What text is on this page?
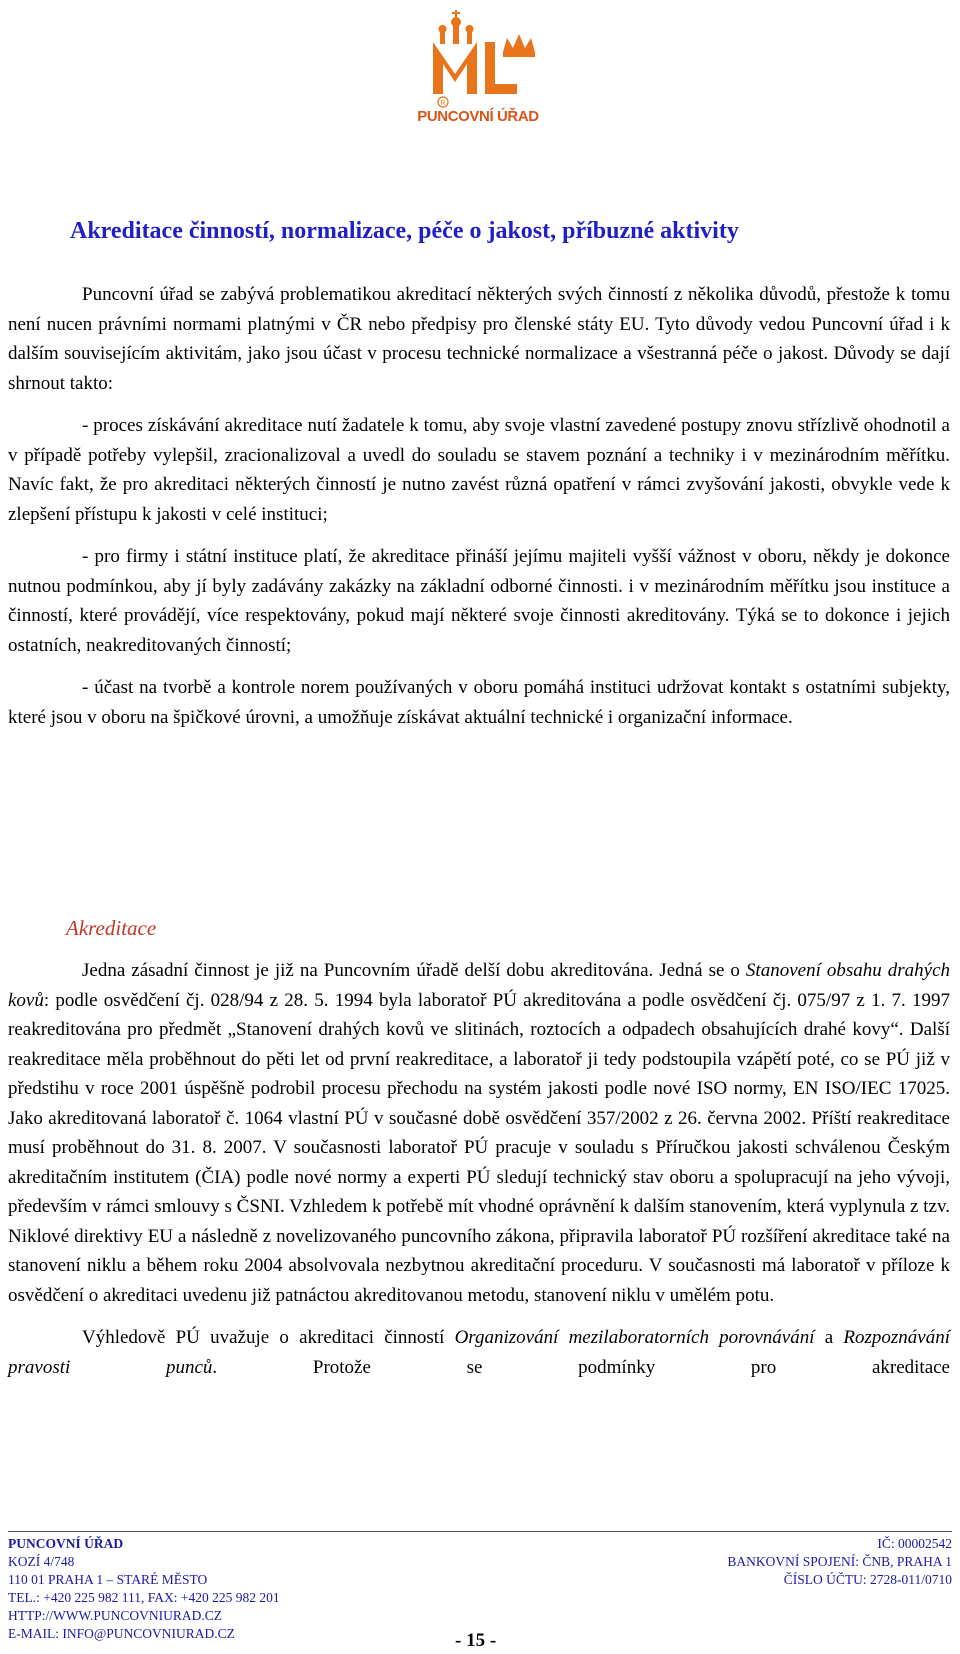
R
PUNCOVNÍ ÚŘAD
Akreditace činností, normalizace, péče o jakost, příbuzné aktivity

Puncovní úřad se zabývá problematikou akreditací některých svých činností z několika důvodů, přestože k tomu není nucen právními normami platnými v ČR nebo předpisy pro členské státy EU. Tyto důvody vedou Puncovní úřad i k dalším souvisejícím aktivitám, jako jsou účast v procesu technické normalizace a všestranná péče o jakost. Důvody se dají shrnout takto:

- proces získávání akreditace nutí žadatele k tomu, aby svoje vlastní zavedené postupy znovu střízlivě ohodnotil a v případě potřeby vylepšil, zracionalizoval a uvedl do souladu se stavem poznání a techniky i v mezinárodním měřítku. Navíc fakt, že pro akreditaci některých činností je nutno zavést různá opatření v rámci zvyšování jakosti, obvykle vede k zlepšení přístupu k jakosti v celé instituci;

- pro firmy i státní instituce platí, že akreditace přináší jejímu majiteli vyšší vážnost v oboru, někdy je dokonce nutnou podmínkou, aby jí byly zadávány zakázky na základní odborné činnosti. i v mezinárodním měřítku jsou instituce a činností, které provádějí, více respektovány, pokud mají některé svoje činnosti akreditovány. Týká se to dokonce i jejich ostatních, neakreditovaných činností;

- účast na tvorbě a kontrole norem používaných v oboru pomáhá instituci udržovat kontakt s ostatními subjekty, které jsou v oboru na špičkové úrovni, a umožňuje získávat aktuální technické i organizační informace.

Akreditace

Jedna zásadní činnost je již na Puncovním úřadě delší dobu akreditována. Jedná se o Stanovení obsahu drahých kovů: podle osvědčení čj. 028/94 z 28. 5. 1994 byla laboratoř PÚ akreditována a podle osvědčení čj. 075/97 z 1. 7. 1997 reakreditována pro předmět „Stanovení drahých kovů ve slitinách, roztocích a odpadech obsahujících drahé kovy“. Další reakreditace měla proběhnout do pěti let od první reakreditace, a laboratoř ji tedy podstoupila vzápětí poté, co se PÚ již v předstihu v roce 2001 úspěšně podrobil procesu přechodu na systém jakosti podle nové ISO normy, EN ISO/IEC 17025. Jako akreditovaná laboratoř č. 1064 vlastní PÚ v současné době osvědčení 357/2002 z 26. června 2002. Příští reakreditace musí proběhnout do 31. 8. 2007. V současnosti laboratoř PÚ pracuje v souladu s Příručkou jakosti schválenou Českým akreditačním institutem (ČIA) podle nové normy a experti PÚ sledují technický stav oboru a spolupracují na jeho vývoji, především v rámci smlouvy s ČSNI. Vzhledem k potřebě mít vhodné oprávnění k dalším stanovením, která vyplynula z tzv. Niklové direktivy EU a následně z novelizovaného puncovního zákona, připravila laboratoř PÚ rozšíření akreditace také na stanovení niklu a během roku 2004 absolvovala nezbytnou akreditační proceduru. V současnosti má laboratoř v příloze k osvědčení o akreditaci uvedenu již patnáctou akreditovanou metodu, stanovení niklu v umělém potu.

Výhledově PÚ uvažuje o akreditaci činností Organizování mezilaboratorních porovnávání a Rozpoznávání pravosti punců. Protože se podmínky pro akreditace

PUNCOVNÍ ÚŘAD
KOZÍ 4/748
110 01 PRAHA 1 – STARÉ MĚSTO
TEL.: +420 225 982 111, FAX: +420 225 982 201
HTTP://WWW.PUNCOVNIURAD.CZ
E-MAIL: INFO@PUNCOVNIURAD.CZ
IČ: 00002542
BANKOVNÍ SPOJENÍ: ČNB, PRAHA 1
ČÍSLO ÚČTU: 2728-011/0710
- 15 -
